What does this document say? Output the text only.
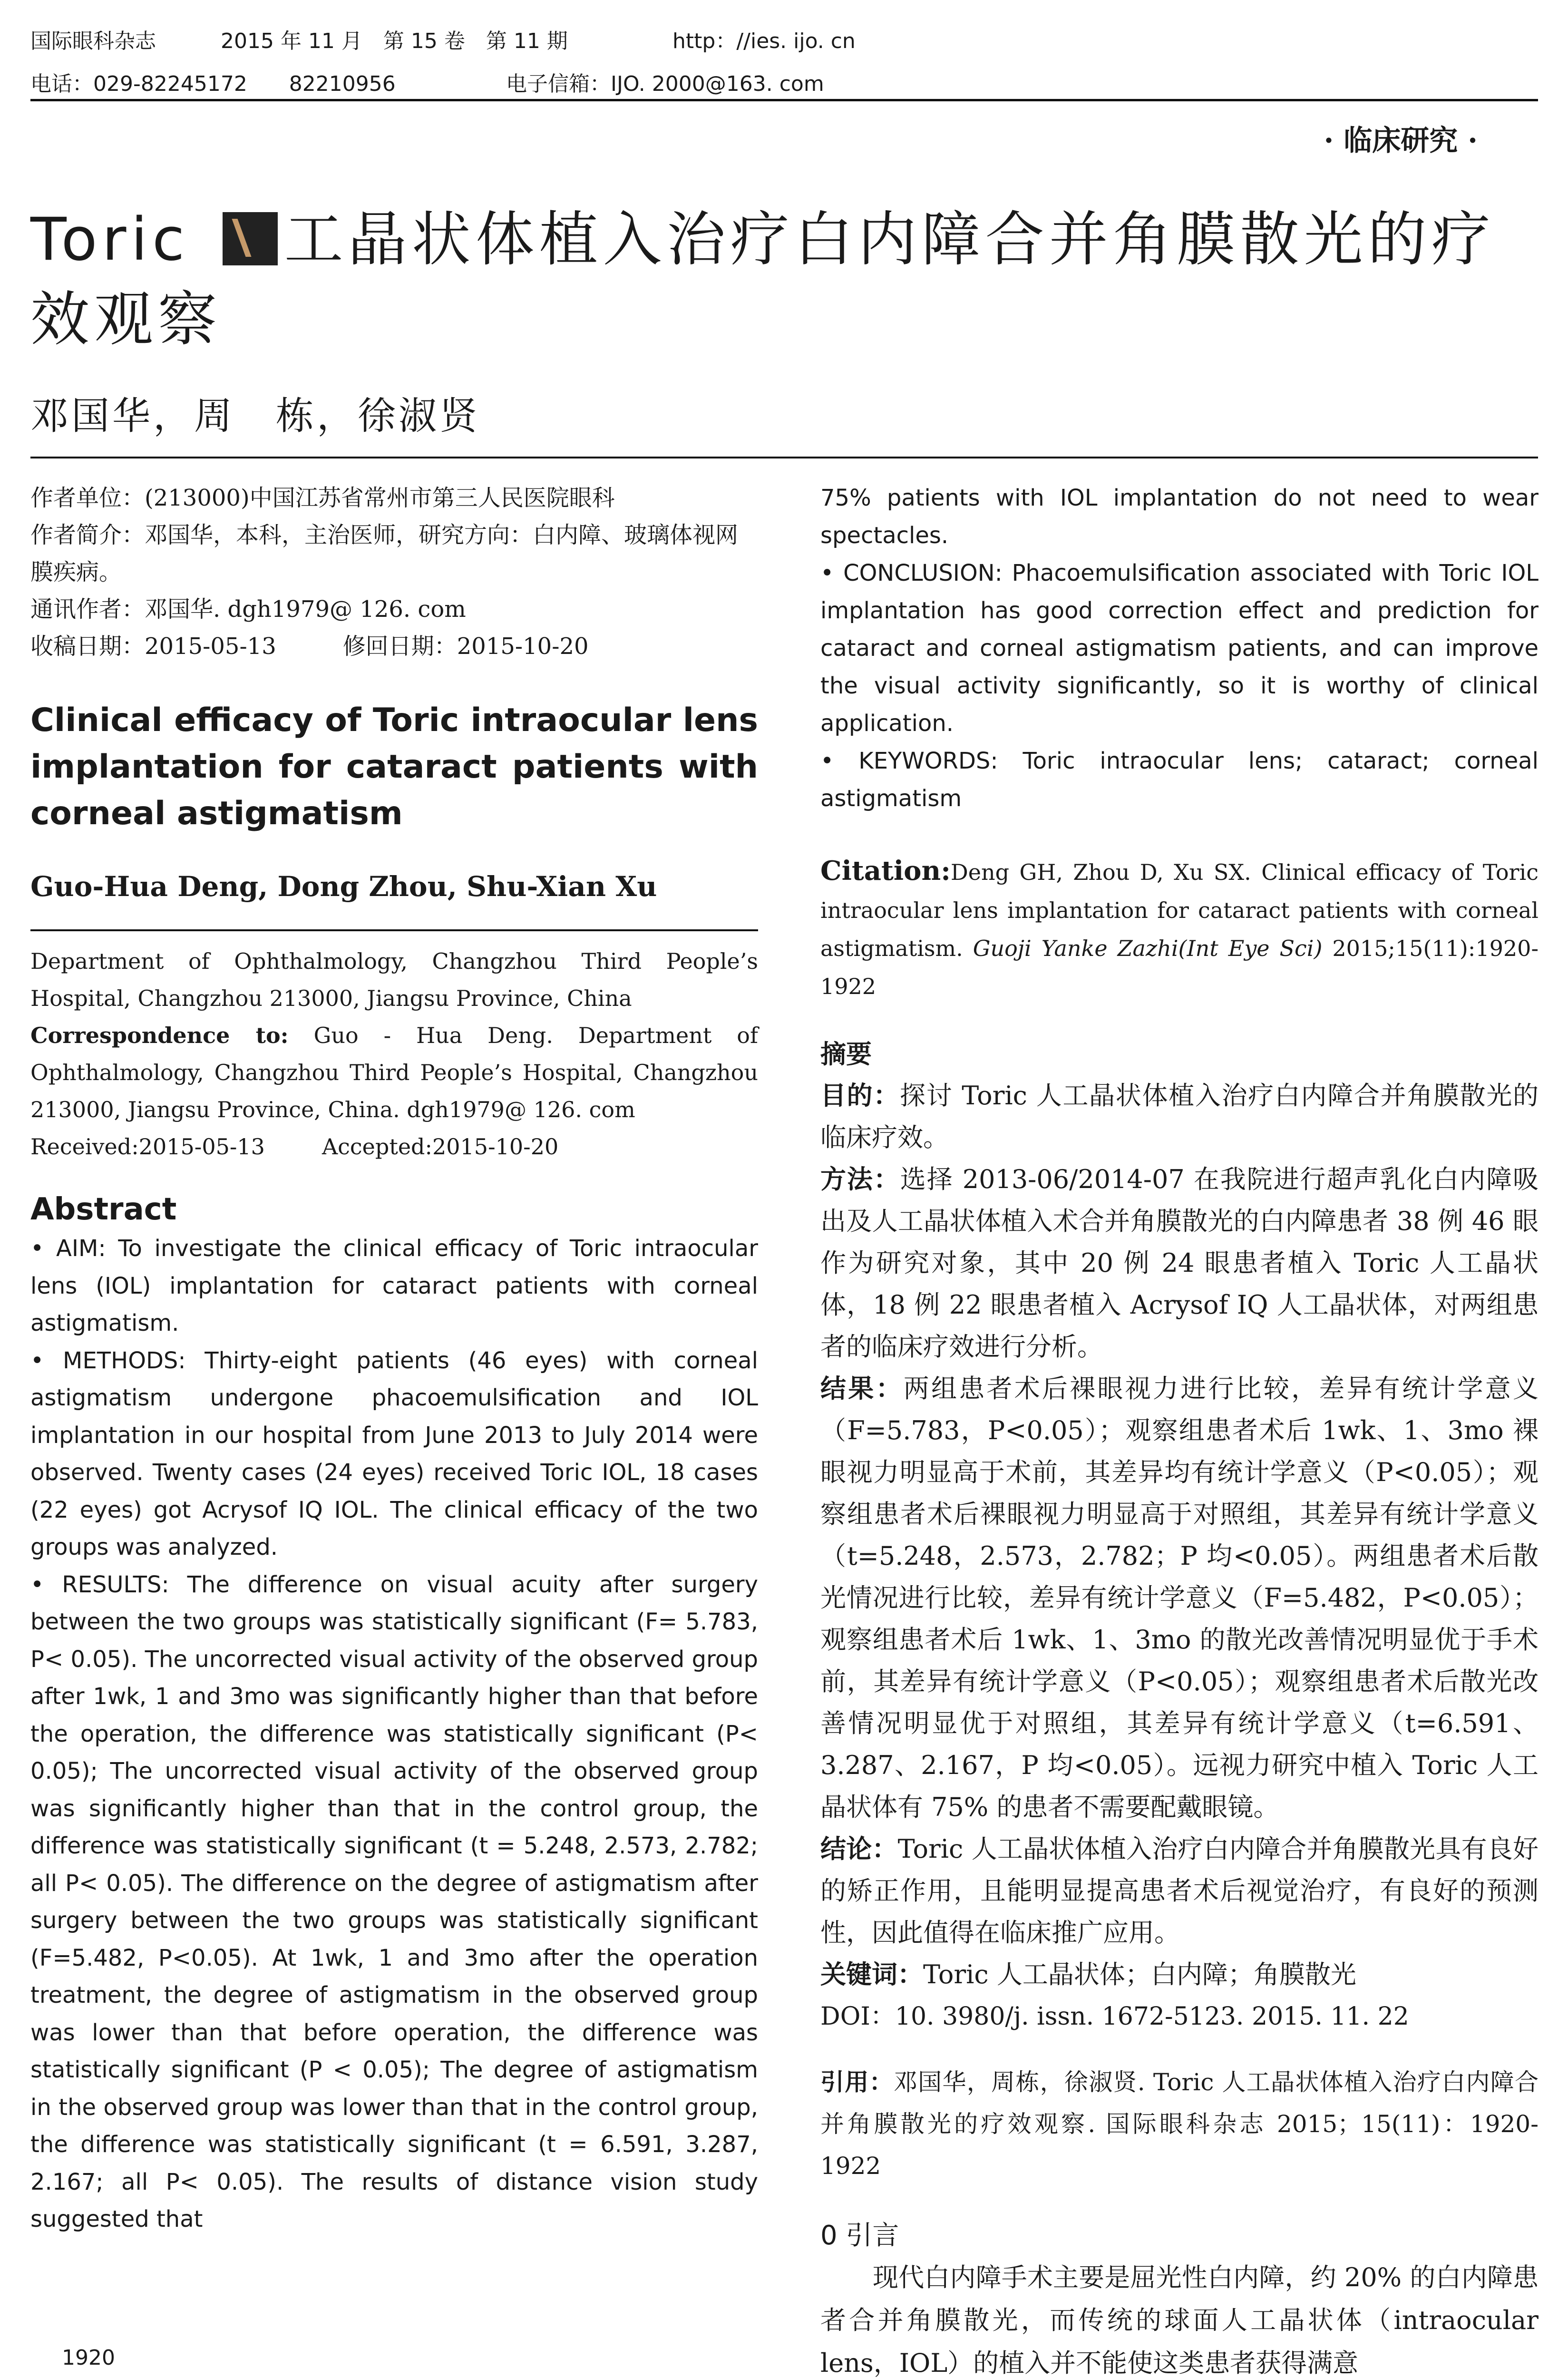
国际眼科杂志	2015 年 11 月　第 15 卷　第 11 期	http：//ies. ijo. cn
电话：029-82245172　　82210956	电子信箱：IJO. 2000@163. com
· 临床研究 ·
Toric 工晶状体植入治疗白内障合并角膜散光的疗效观察
邓国华，周　栋，徐淑贤
作者单位：(213000)中国江苏省常州市第三人民医院眼科
作者简介：邓国华，本科，主治医师，研究方向：白内障、玻璃体视网膜疾病。
通讯作者：邓国华. dgh1979@ 126. com
收稿日期：2015-05-13	修回日期：2015-10-20
Clinical efficacy of Toric intraocular lens implantation for cataract patients with corneal astigmatism
Guo-Hua Deng, Dong Zhou, Shu-Xian Xu
Department of Ophthalmology, Changzhou Third People’s Hospital, Changzhou 213000, Jiangsu Province, China
Correspondence to: Guo - Hua Deng. Department of Ophthalmology, Changzhou Third People’s Hospital, Changzhou 213000, Jiangsu Province, China. dgh1979@ 126. com
Received:2015-05-13	Accepted:2015-10-20
Abstract

• AIM: To investigate the clinical efficacy of Toric intraocular lens (IOL) implantation for cataract patients with corneal astigmatism.

• METHODS: Thirty-eight patients (46 eyes) with corneal astigmatism undergone phacoemulsification and IOL implantation in our hospital from June 2013 to July 2014 were observed. Twenty cases (24 eyes) received Toric IOL, 18 cases (22 eyes) got Acrysof IQ IOL. The clinical efficacy of the two groups was analyzed.

• RESULTS: The difference on visual acuity after surgery between the two groups was statistically significant (F= 5.783, P< 0.05). The uncorrected visual activity of the observed group after 1wk, 1 and 3mo was significantly higher than that before the operation, the difference was statistically significant (P< 0.05); The uncorrected visual activity of the observed group was significantly higher than that in the control group, the difference was statistically significant (t = 5.248, 2.573, 2.782; all P< 0.05). The difference on the degree of astigmatism after surgery between the two groups was statistically significant (F=5.482, P<0.05). At 1wk, 1 and 3mo after the operation treatment, the degree of astigmatism in the observed group was lower than that before operation, the difference was statistically significant (P < 0.05); The degree of astigmatism in the observed group was lower than that in the control group, the difference was statistically significant (t = 6.591, 3.287, 2.167; all P< 0.05). The results of distance vision study suggested that

75% patients with IOL implantation do not need to wear spectacles.

• CONCLUSION: Phacoemulsification associated with Toric IOL implantation has good correction effect and prediction for cataract and corneal astigmatism patients, and can improve the visual activity significantly, so it is worthy of clinical application.

• KEYWORDS: Toric intraocular lens; cataract; corneal astigmatism

Citation:Deng GH, Zhou D, Xu SX. Clinical efficacy of Toric intraocular lens implantation for cataract patients with corneal astigmatism. Guoji Yanke Zazhi(Int Eye Sci) 2015;15(11):1920-1922
摘要

目的：探讨 Toric 人工晶状体植入治疗白内障合并角膜散光的临床疗效。

方法：选择 2013-06/2014-07 在我院进行超声乳化白内障吸出及人工晶状体植入术合并角膜散光的白内障患者 38 例 46 眼作为研究对象，其中 20 例 24 眼患者植入 Toric 人工晶状体，18 例 22 眼患者植入 Acrysof IQ 人工晶状体，对两组患者的临床疗效进行分析。

结果：两组患者术后裸眼视力进行比较，差异有统计学意义（F=5.783，P<0.05）；观察组患者术后 1wk、1、3mo 裸眼视力明显高于术前，其差异均有统计学意义（P<0.05）；观察组患者术后裸眼视力明显高于对照组，其差异有统计学意义（t=5.248，2.573，2.782；P 均<0.05）。两组患者术后散光情况进行比较，差异有统计学意义（F=5.482，P<0.05）；观察组患者术后 1wk、1、3mo 的散光改善情况明显优于手术前，其差异有统计学意义（P<0.05）；观察组患者术后散光改善情况明显优于对照组，其差异有统计学意义（t=6.591、3.287、2.167，P 均<0.05）。远视力研究中植入 Toric 人工晶状体有 75% 的患者不需要配戴眼镜。

结论：Toric 人工晶状体植入治疗白内障合并角膜散光具有良好的矫正作用，且能明显提高患者术后视觉治疗，有良好的预测性，因此值得在临床推广应用。

关键词：Toric 人工晶状体；白内障；角膜散光

DOI：10. 3980/j. issn. 1672-5123. 2015. 11. 22

引用：邓国华，周栋，徐淑贤. Toric 人工晶状体植入治疗白内障合并角膜散光的疗效观察. 国际眼科杂志 2015；15(11)：1920-1922
0 引言

现代白内障手术主要是屈光性白内障，约 20% 的白内障患者合并角膜散光，而传统的球面人工晶状体（intraocular lens，IOL）的植入并不能使这类患者获得满意

1920
